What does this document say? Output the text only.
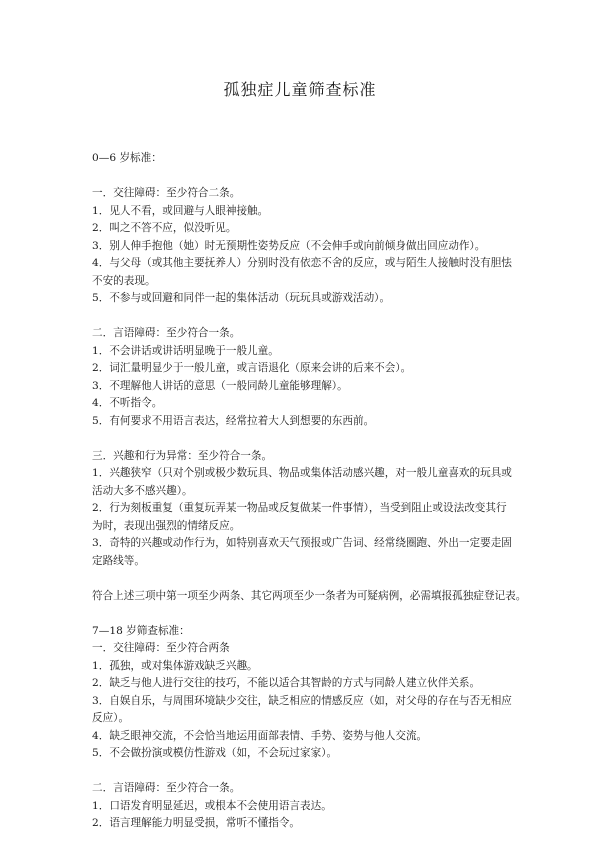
孤独症儿童筛查标准
0—6 岁标准：
一．交往障碍：至少符合二条。
1．见人不看，或回避与人眼神接触。
2．叫之不答不应，似没听见。
3．别人伸手抱他（她）时无预期性姿势反应（不会伸手或向前倾身做出回应动作）。
4．与父母（或其他主要抚养人）分别时没有依恋不舍的反应，或与陌生人接触时没有胆怯不安的表现。
5．不参与或回避和同伴一起的集体活动（玩玩具或游戏活动）。
二．言语障碍：至少符合一条。
1．不会讲话或讲话明显晚于一般儿童。
2．词汇量明显少于一般儿童，或言语退化（原来会讲的后来不会）。
3．不理解他人讲话的意思（一般同龄儿童能够理解）。
4．不听指令。
5．有何要求不用语言表达，经常拉着大人到想要的东西前。
三．兴趣和行为异常：至少符合一条。
1．兴趣狭窄（只对个别或极少数玩具、物品或集体活动感兴趣，对一般儿童喜欢的玩具或活动大多不感兴趣）。
2．行为刻板重复（重复玩弄某一物品或反复做某一件事情），当受到阻止或设法改变其行为时，表现出强烈的情绪反应。
3．奇特的兴趣或动作行为，如特别喜欢天气预报或广告词、经常绕圈跑、外出一定要走固定路线等。
符合上述三项中第一项至少两条、其它两项至少一条者为可疑病例，必需填报孤独症登记表。
7—18 岁筛查标准：
一．交往障碍：至少符合两条
1．孤独，或对集体游戏缺乏兴趣。
2．缺乏与他人进行交往的技巧，不能以适合其智龄的方式与同龄人建立伙伴关系。
3．自娱自乐，与周围环境缺少交往，缺乏相应的情感反应（如，对父母的存在与否无相应反应）。
4．缺乏眼神交流，不会恰当地运用面部表情、手势、姿势与他人交流。
5．不会做扮演或模仿性游戏（如，不会玩过家家）。
二．言语障碍：至少符合一条。
1．口语发育明显延迟，或根本不会使用语言表达。
2．语言理解能力明显受损，常听不懂指令。
